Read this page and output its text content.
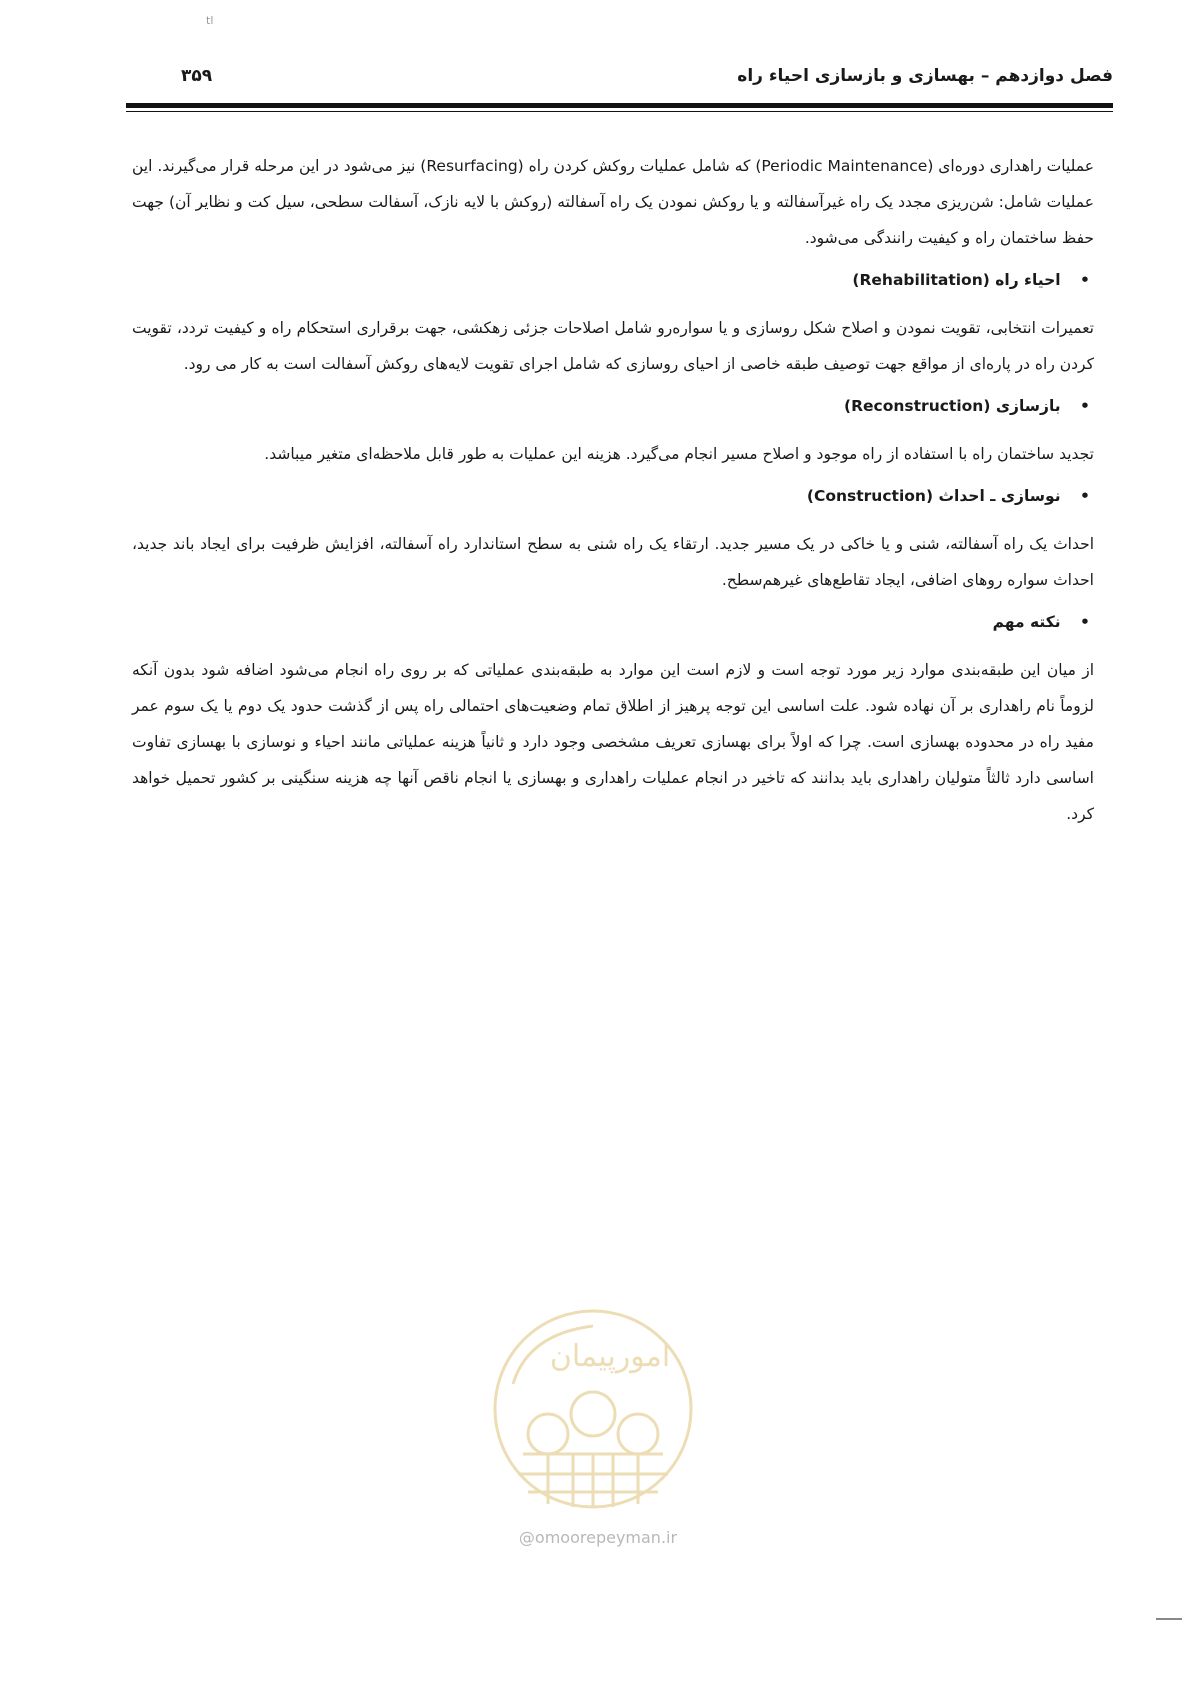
tl
فصل دوازدهم – بهسازی و بازسازی احیاء راه
۳۵۹

عملیات راهداری دوره‌ای (Periodic Maintenance) که شامل عملیات روکش کردن راه (Resurfacing) نیز می‌شود در این مرحله قرار می‌گیرند. این عملیات شامل: شن‌ریزی مجدد یک راه غیرآسفالته و یا روکش نمودن یک راه آسفالته (روکش با لایه نازک، آسفالت سطحی، سیل کت و نظایر آن) جهت حفظ ساختمان راه و کیفیت رانندگی می‌شود.

• احیاء راه (Rehabilitation)

تعمیرات انتخابی، تقویت نمودن و اصلاح شکل روسازی و یا سواره‌رو شامل اصلاحات جزئی زهکشی، جهت برقراری استحکام راه و کیفیت تردد، تقویت کردن راه در پاره‌ای از مواقع جهت توصیف طبقه خاصی از احیای روسازی که شامل اجرای تقویت لایه‌های روکش آسفالت است به کار می رود.

• بازسازی (Reconstruction)

تجدید ساختمان راه با استفاده از راه موجود و اصلاح مسیر انجام می‌گیرد. هزینه این عملیات به طور قابل ملاحظه‌ای متغیر میباشد.

• نوسازی ـ احداث (Construction)

احداث یک راه آسفالته، شنی و یا خاکی در یک مسیر جدید. ارتقاء یک راه شنی به سطح استاندارد راه آسفالته، افزایش ظرفیت برای ایجاد باند جدید، احداث سواره روهای اضافی، ایجاد تقاطع‌های غیرهم‌سطح.

• نکته مهم

از میان این طبقه‌بندی موارد زیر مورد توجه است و لازم است این موارد به طبقه‌بندی عملیاتی که بر روی راه انجام می‌شود اضافه شود بدون آنکه لزوماً نام راهداری بر آن نهاده شود. علت اساسی این توجه پرهیز از اطلاق تمام وضعیت‌های احتمالی راه پس از گذشت حدود یک دوم یا یک سوم عمر مفید راه در محدوده بهسازی است. چرا که اولاً برای بهسازی تعریف مشخصی وجود دارد و ثانیاً هزینه عملیاتی مانند احیاء و نوسازی با بهسازی تفاوت اساسی دارد ثالثاً متولیان راهداری باید بدانند که تاخیر در انجام عملیات راهداری و بهسازی یا انجام ناقص آنها چه هزینه سنگینی بر کشور تحمیل خواهد کرد.

امورپیمان
@omoorepeyman.ir
